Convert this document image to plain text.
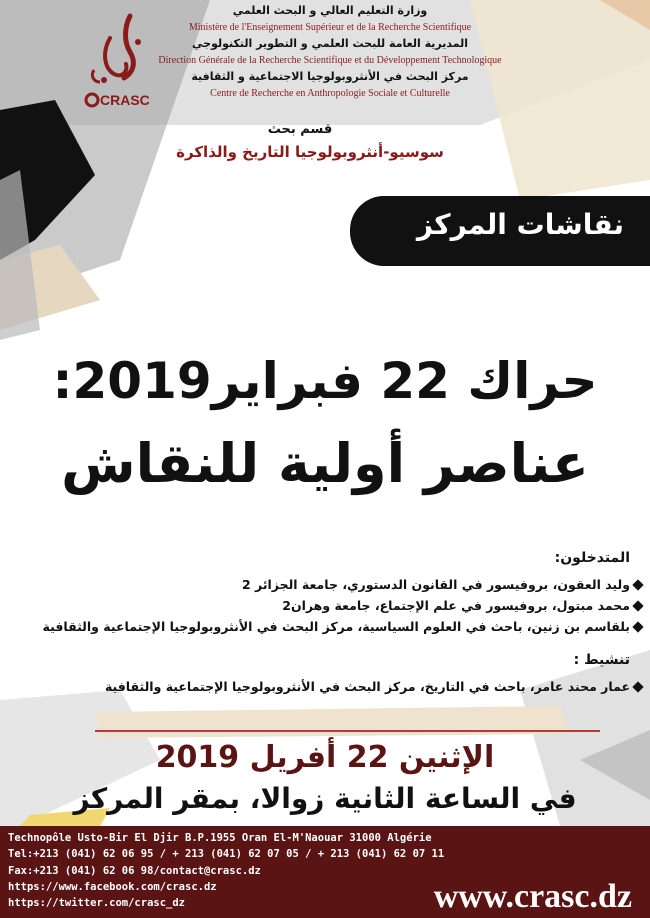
CRASC
وزارة التعليم العالي و البحث العلمي
Ministère de l'Enseignement Supérieur et de la Recherche Scientifique
المديرية العامة للبحث العلمي و التطوير التكنولوجي
Direction Générale de la Recherche Scientifique et du Développement Technologique
مركز البحث في الأنثروبولوجيا الاجتماعية و الثقافية
Centre de Recherche en Anthropologie Sociale et Culturelle
قسم بحث
سوسيو-أنثروبولوجيا التاريخ والذاكرة
نقاشات المركز
حراك 22 فبراير2019:
عناصر أولية للنقاش
المتدخلون:
وليد العقون، بروفيسور في القانون الدستوري، جامعة الجزائر 2
محمد مبتول، بروفيسور في علم الإجتماع، جامعة وهران2
بلقاسم بن زنين، باحث في العلوم السياسية، مركز البحث في الأنثروبولوجيا الإجتماعية والثقافية
تنشيط :
عمار محند عامر، باحث في التاريخ، مركز البحث في الأنثروبولوجيا الإجتماعية والثقافية
الإثنين 22 أفريل 2019
في الساعة الثانية زوالا، بمقر المركز
Technopôle Usto-Bir El Djir B.P.1955 Oran El-M'Naouar 31000 Algérie
Tel:+213 (041) 62 06 95 / + 213 (041) 62 07 05 / + 213 (041) 62 07 11
Fax:+213 (041) 62 06 98/contact@crasc.dz
https://www.facebook.com/crasc.dz
https://twitter.com/crasc_dz	www.crasc.dz
